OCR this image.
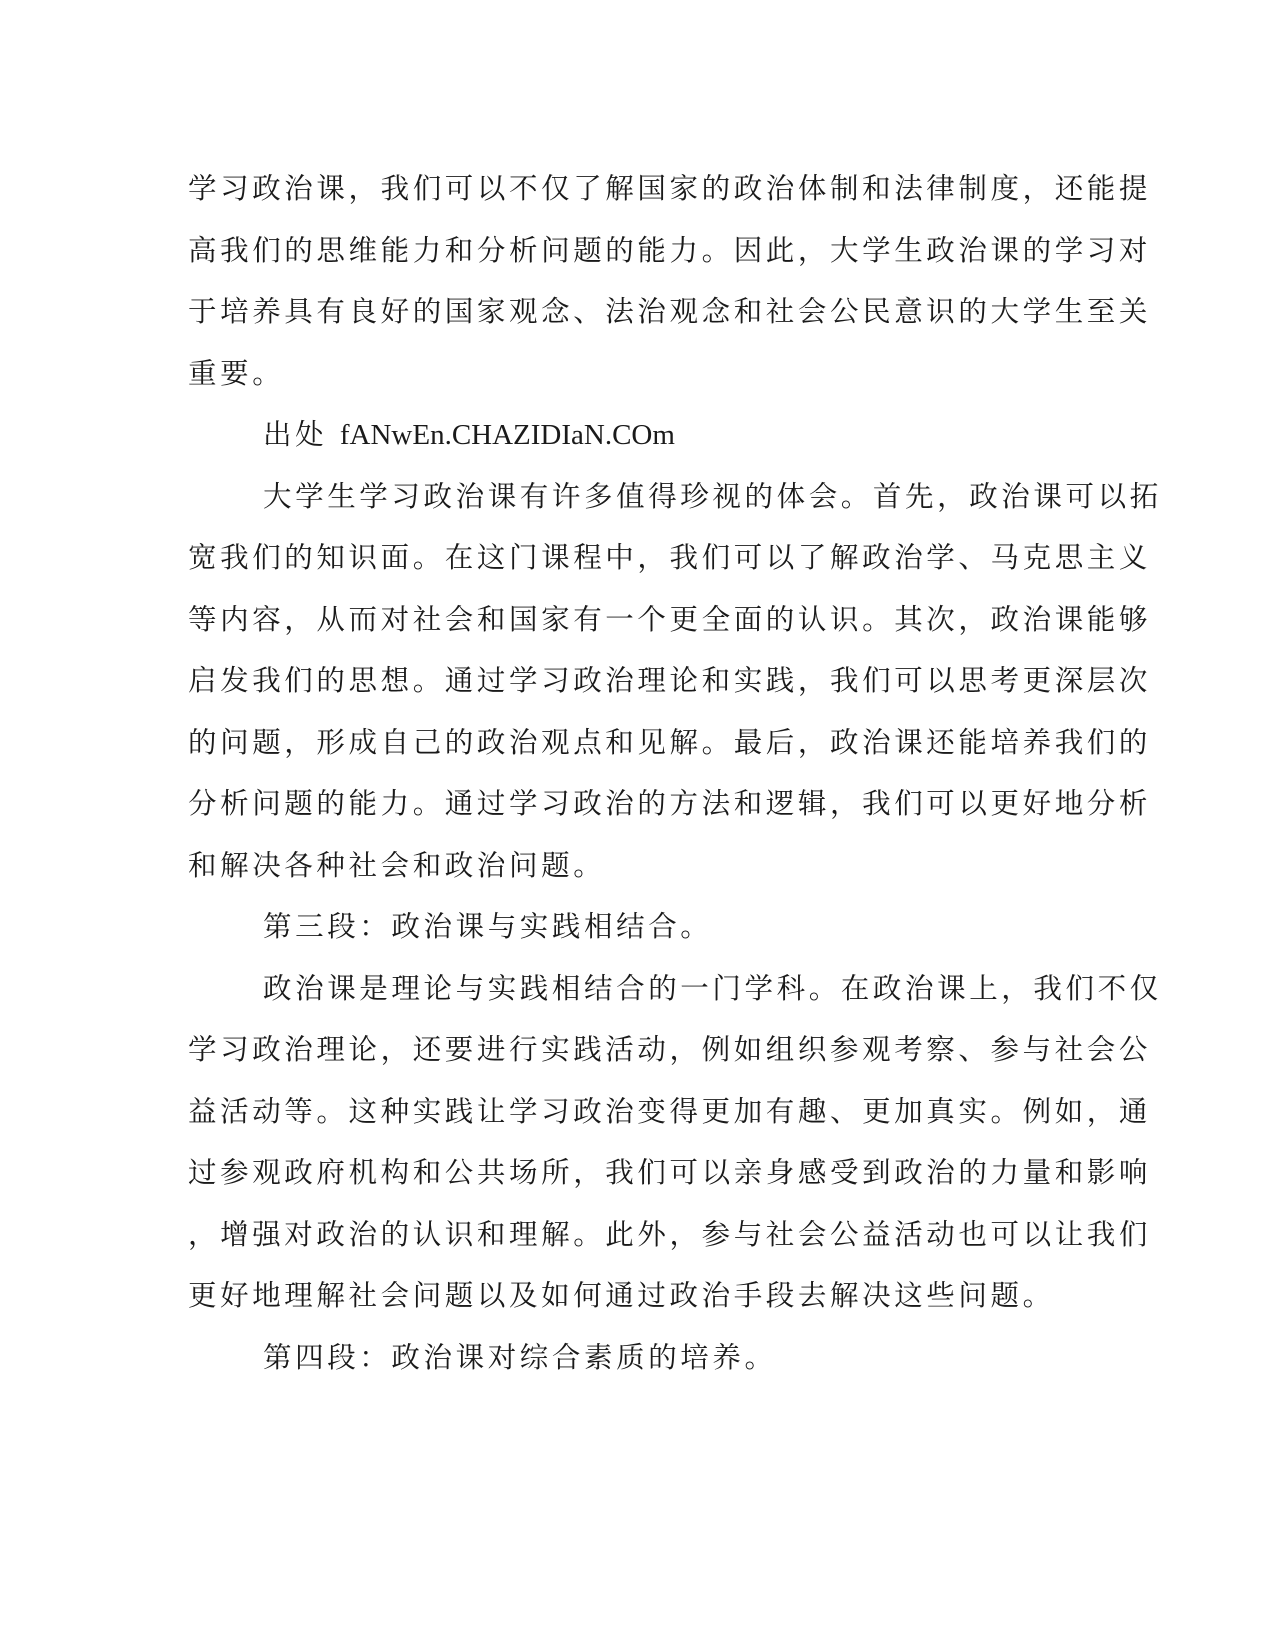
学习政治课，我们可以不仅了解国家的政治体制和法律制度，还能提
高我们的思维能力和分析问题的能力。因此，大学生政治课的学习对
于培养具有良好的国家观念、法治观念和社会公民意识的大学生至关
重要。
出处 fANwEn.CHAZIDIaN.COm
大学生学习政治课有许多值得珍视的体会。首先，政治课可以拓
宽我们的知识面。在这门课程中，我们可以了解政治学、马克思主义
等内容，从而对社会和国家有一个更全面的认识。其次，政治课能够
启发我们的思想。通过学习政治理论和实践，我们可以思考更深层次
的问题，形成自己的政治观点和见解。最后，政治课还能培养我们的
分析问题的能力。通过学习政治的方法和逻辑，我们可以更好地分析
和解决各种社会和政治问题。
第三段：政治课与实践相结合。
政治课是理论与实践相结合的一门学科。在政治课上，我们不仅
学习政治理论，还要进行实践活动，例如组织参观考察、参与社会公
益活动等。这种实践让学习政治变得更加有趣、更加真实。例如，通
过参观政府机构和公共场所，我们可以亲身感受到政治的力量和影响
，增强对政治的认识和理解。此外，参与社会公益活动也可以让我们
更好地理解社会问题以及如何通过政治手段去解决这些问题。
第四段：政治课对综合素质的培养。
